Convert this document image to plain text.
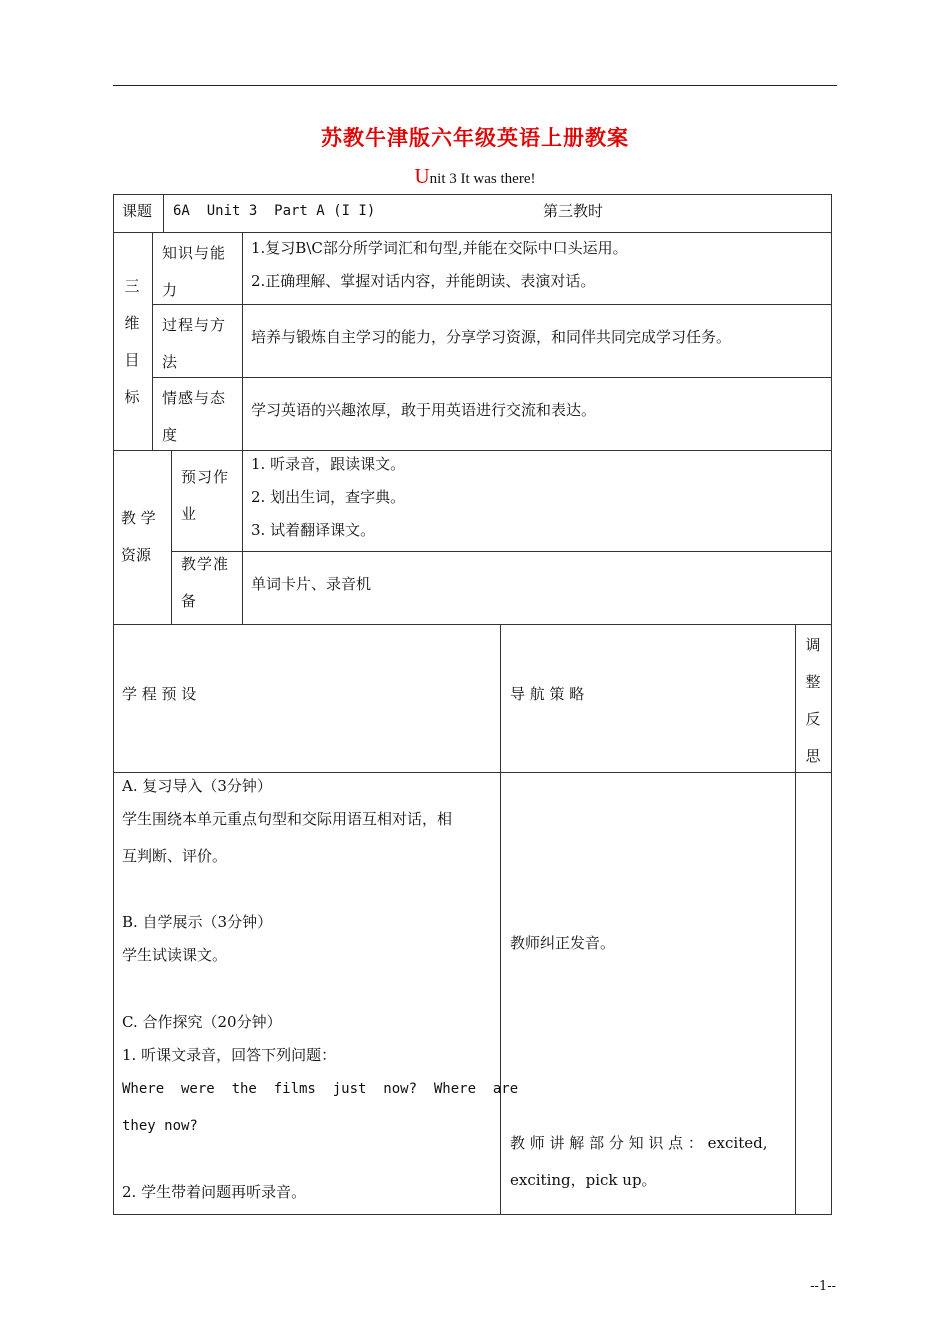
苏教牛津版六年级英语上册教案
Unit 3 It was there!
课题 6A  Unit 3  Part A (I I)	第三教时
三
维
目
标
知识与能力
1.复习B\C部分所学词汇和句型,并能在交际中口头运用。
2.正确理解、掌握对话内容，并能朗读、表演对话。
过程与方法
培养与锻炼自主学习的能力，分享学习资源，和同伴共同完成学习任务。
情感与态度
学习英语的兴趣浓厚，敢于用英语进行交流和表达。
教 学 资源
预习作业
1. 听录音，跟读课文。
2. 划出生词，查字典。
3. 试着翻译课文。
教学准备
单词卡片、录音机
学 程 预 设	导 航 策 略
调
整
反
思
A. 复习导入（3分钟）
学生围绕本单元重点句型和交际用语互相对话，相
互判断、评价。
B. 自学展示（3分钟）
学生试读课文。
C. 合作探究（20分钟）
1. 听课文录音，回答下列问题：
Where  were  the  films  just  now?  Where  are
they now?
2. 学生带着问题再听录音。
教师纠正发音。
教 师 讲 解 部 分 知 识 点 ： excited,
exciting，pick up。
--1--
